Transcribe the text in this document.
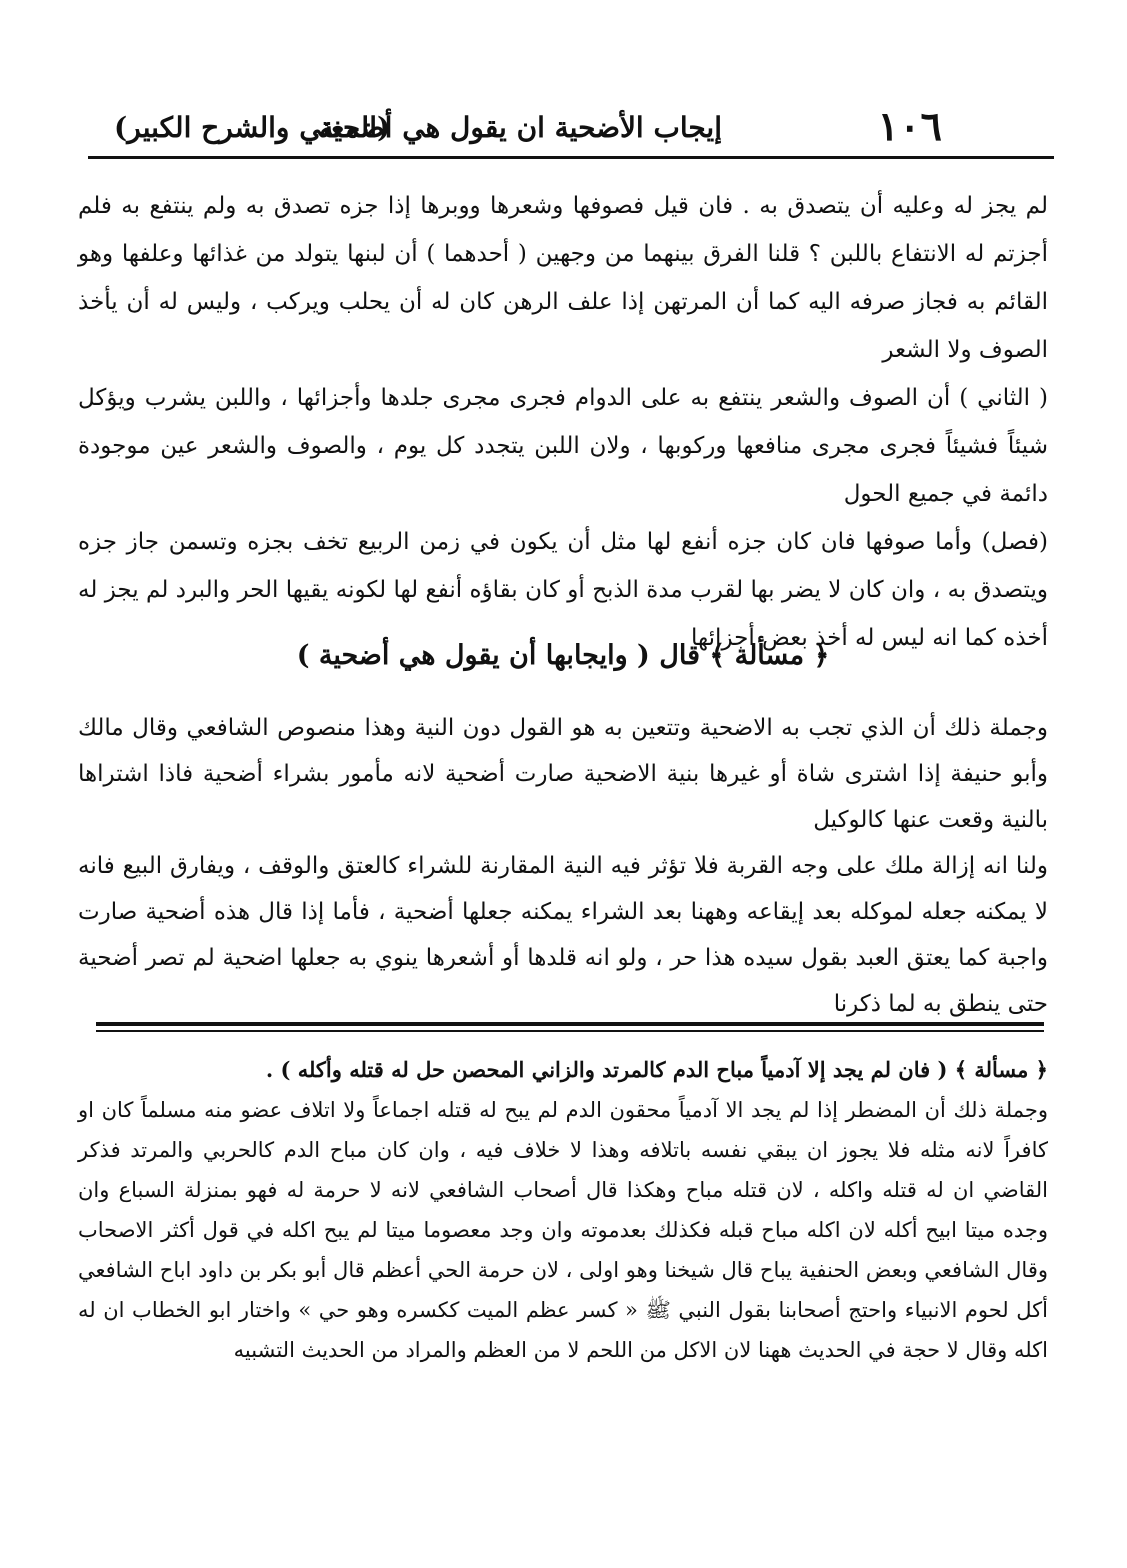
١٠٦
إيجاب الأضحية ان يقول هي أضحية
(المغني والشرح الكبير)

لم يجز له وعليه أن يتصدق به . فان قيل فصوفها وشعرها ووبرها إذا جزه تصدق به ولم ينتفع به فلم أجزتم له الانتفاع باللبن ؟ قلنا الفرق بينهما من وجهين ( أحدهما ) أن لبنها يتولد من غذائها وعلفها وهو القائم به فجاز صرفه اليه كما أن المرتهن إذا علف الرهن كان له أن يحلب ويركب ، وليس له أن يأخذ الصوف ولا الشعر

( الثاني ) أن الصوف والشعر ينتفع به على الدوام فجرى مجرى جلدها وأجزائها ، واللبن يشرب ويؤكل شيئاً فشيئاً فجرى مجرى منافعها وركوبها ، ولان اللبن يتجدد كل يوم ، والصوف والشعر عين موجودة دائمة في جميع الحول

(فصل) وأما صوفها فان كان جزه أنفع لها مثل أن يكون في زمن الربيع تخف بجزه وتسمن جاز جزه ويتصدق به ، وان كان لا يضر بها لقرب مدة الذبح أو كان بقاؤه أنفع لها لكونه يقيها الحر والبرد لم يجز له أخذه كما انه ليس له أخذ بعض أجزائها

﴿ مسألة ﴾ قال ( وايجابها أن يقول هي أضحية )

وجملة ذلك أن الذي تجب به الاضحية وتتعين به هو القول دون النية وهذا منصوص الشافعي وقال مالك وأبو حنيفة إذا اشترى شاة أو غيرها بنية الاضحية صارت أضحية لانه مأمور بشراء أضحية فاذا اشتراها بالنية وقعت عنها كالوكيل

ولنا انه إزالة ملك على وجه القربة فلا تؤثر فيه النية المقارنة للشراء كالعتق والوقف ، ويفارق البيع فانه لا يمكنه جعله لموكله بعد إيقاعه وههنا بعد الشراء يمكنه جعلها أضحية ، فأما إذا قال هذه أضحية صارت واجبة كما يعتق العبد بقول سيده هذا حر ، ولو انه قلدها أو أشعرها ينوي به جعلها اضحية لم تصر أضحية حتى ينطق به لما ذكرنا

﴿ مسألة ﴾ ( فان لم يجد إلا آدمياً مباح الدم كالمرتد والزاني المحصن حل له قتله وأكله ) .

وجملة ذلك أن المضطر إذا لم يجد الا آدمياً محقون الدم لم يبح له قتله اجماعاً ولا اتلاف عضو منه مسلماً كان او كافراً لانه مثله فلا يجوز ان يبقي نفسه باتلافه وهذا لا خلاف فيه ، وان كان مباح الدم كالحربي والمرتد فذكر القاضي ان له قتله واكله ، لان قتله مباح وهكذا قال أصحاب الشافعي لانه لا حرمة له فهو بمنزلة السباع وان وجده ميتا ابيح أكله لان اكله مباح قبله فكذلك بعدموته وان وجد معصوما ميتا لم يبح اكله في قول أكثر الاصحاب وقال الشافعي وبعض الحنفية يباح قال شيخنا وهو اولى ، لان حرمة الحي أعظم قال أبو بكر بن داود اباح الشافعي أكل لحوم الانبياء واحتج أصحابنا بقول النبي ﷺ « كسر عظم الميت ككسره وهو حي » واختار ابو الخطاب ان له اكله وقال لا حجة في الحديث ههنا لان الاكل من اللحم لا من العظم والمراد من الحديث التشبيه
